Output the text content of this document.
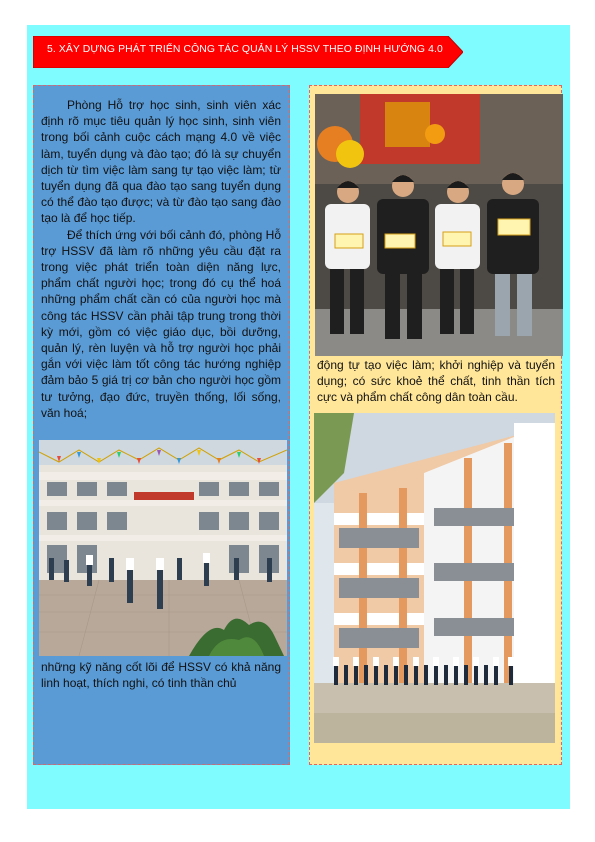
5. XÂY DỰNG PHÁT TRIỂN CÔNG TÁC QUẢN LÝ HSSV THEO ĐỊNH HƯỚNG 4.0

Phòng Hỗ trợ học sinh, sinh viên xác định rõ mục tiêu quản lý học sinh, sinh viên trong bối cảnh cuộc cách mạng 4.0 về việc làm, tuyển dụng và đào tạo; đó là sự chuyển dịch từ tìm việc làm sang tự tạo việc làm; từ tuyển dụng đã qua đào tạo sang tuyển dụng có thể đào tạo được; và từ đào tạo sang đào tạo là để học tiếp.

Để thích ứng với bối cảnh đó, phòng Hỗ trợ HSSV đã làm rõ những yêu cầu đặt ra trong việc phát triển toàn diện năng lực, phẩm chất người học; trong đó cụ thể hoá những phẩm chất cần có của người học mà công tác HSSV cần phải tập trung trong thời kỳ mới, gồm có việc giáo dục, bồi dưỡng, quản lý, rèn luyện và hỗ trợ người học phải gắn với việc làm tốt công tác hướng nghiệp đảm bảo 5 giá trị cơ bản cho người học gồm tư tưởng, đạo đức, truyền thống, lối sống, văn hoá;

những kỹ năng cốt lõi để HSSV có khả năng linh hoạt, thích nghi, có tinh thần chủ

động tự tạo việc làm; khởi nghiệp và tuyển dụng; có sức khoẻ thể chất, tinh thần tích cực và phẩm chất công dân toàn cầu.
